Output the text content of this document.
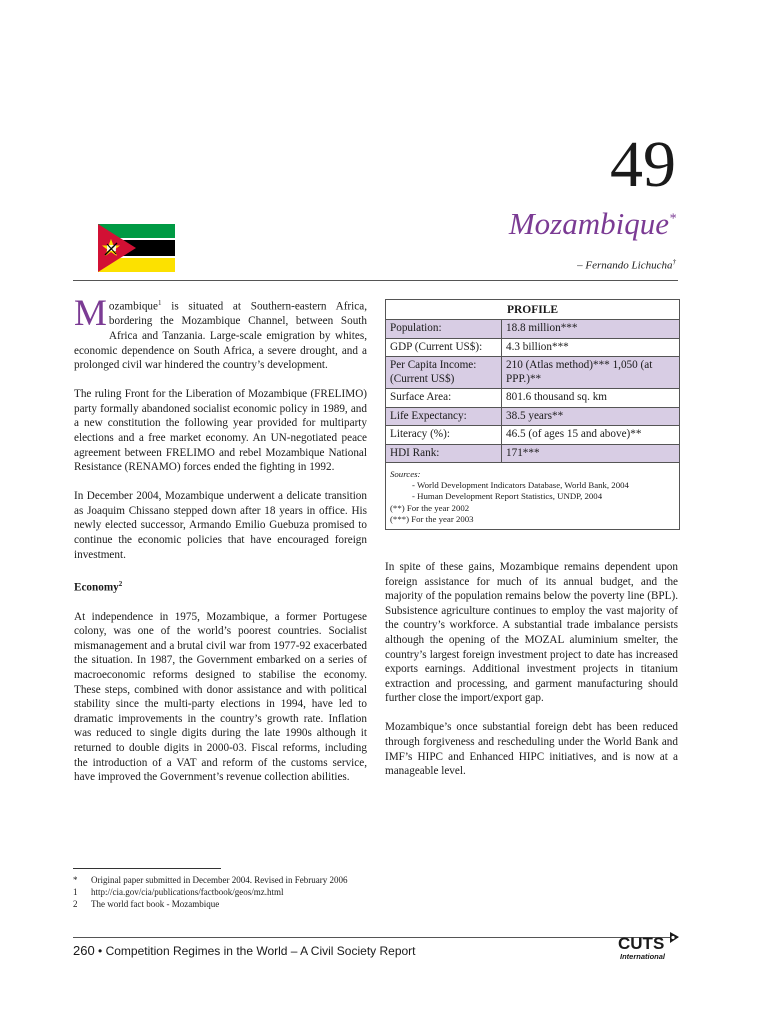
49
Mozambique*
– Fernando Lichucha†

Mozambique$^1$ is situated at Southern-eastern Africa, bordering the Mozambique Channel, between South Africa and Tanzania. Large-scale emigration by whites, economic dependence on South Africa, a severe drought, and a prolonged civil war hindered the country’s development.

The ruling Front for the Liberation of Mozambique (FRELIMO) party formally abandoned socialist economic policy in 1989, and a new constitution the following year provided for multiparty elections and a free market economy. An UN-negotiated peace agreement between FRELIMO and rebel Mozambique National Resistance (RENAMO) forces ended the fighting in 1992.

In December 2004, Mozambique underwent a delicate transition as Joaquim Chissano stepped down after 18 years in office. His newly elected successor, Armando Emilio Guebuza promised to continue the economic policies that have encouraged foreign investment.

Economy$^2$

At independence in 1975, Mozambique, a former Portugese colony, was one of the world’s poorest countries. Socialist mismanagement and a brutal civil war from 1977-92 exacerbated the situation. In 1987, the Government embarked on a series of macroeconomic reforms designed to stabilise the economy. These steps, combined with donor assistance and with political stability since the multi-party elections in 1994, have led to dramatic improvements in the country’s growth rate. Inflation was reduced to single digits during the late 1990s although it returned to double digits in 2000-03. Fiscal reforms, including the introduction of a VAT and reform of the customs service, have improved the Government’s revenue collection abilities.

PROFILE	
Population:	18.8 million***
GDP (Current US$):	4.3 billion***
Per Capita Income: (Current US$)	210 (Atlas method)*** 1,050 (at PPP.)**
Surface Area:	801.6 thousand sq. km
Life Expectancy:	38.5 years**
Literacy (%):	46.5 (of ages 15 and above)**
HDI Rank:	171***
Sources:
- World Development Indicators Database, World Bank, 2004
- Human Development Report Statistics, UNDP, 2004
(**) For the year 2002
(***) For the year 2003

In spite of these gains, Mozambique remains dependent upon foreign assistance for much of its annual budget, and the majority of the population remains below the poverty line (BPL). Subsistence agriculture continues to employ the vast majority of the country’s workforce. A substantial trade imbalance persists although the opening of the MOZAL aluminium smelter, the country’s largest foreign investment project to date has increased exports earnings. Additional investment projects in titanium extraction and processing, and garment manufacturing should further close the import/export gap.

Mozambique’s once substantial foreign debt has been reduced through forgiveness and rescheduling under the World Bank and IMF’s HIPC and Enhanced HIPC initiatives, and is now at a manageable level.

*	Original paper submitted in December 2004. Revised in February 2006
1	http://cia.gov/cia/publications/factbook/geos/mz.html
2	The world fact book - Mozambique
260 • Competition Regimes in the World – A Civil Society Report	CUTS
International
